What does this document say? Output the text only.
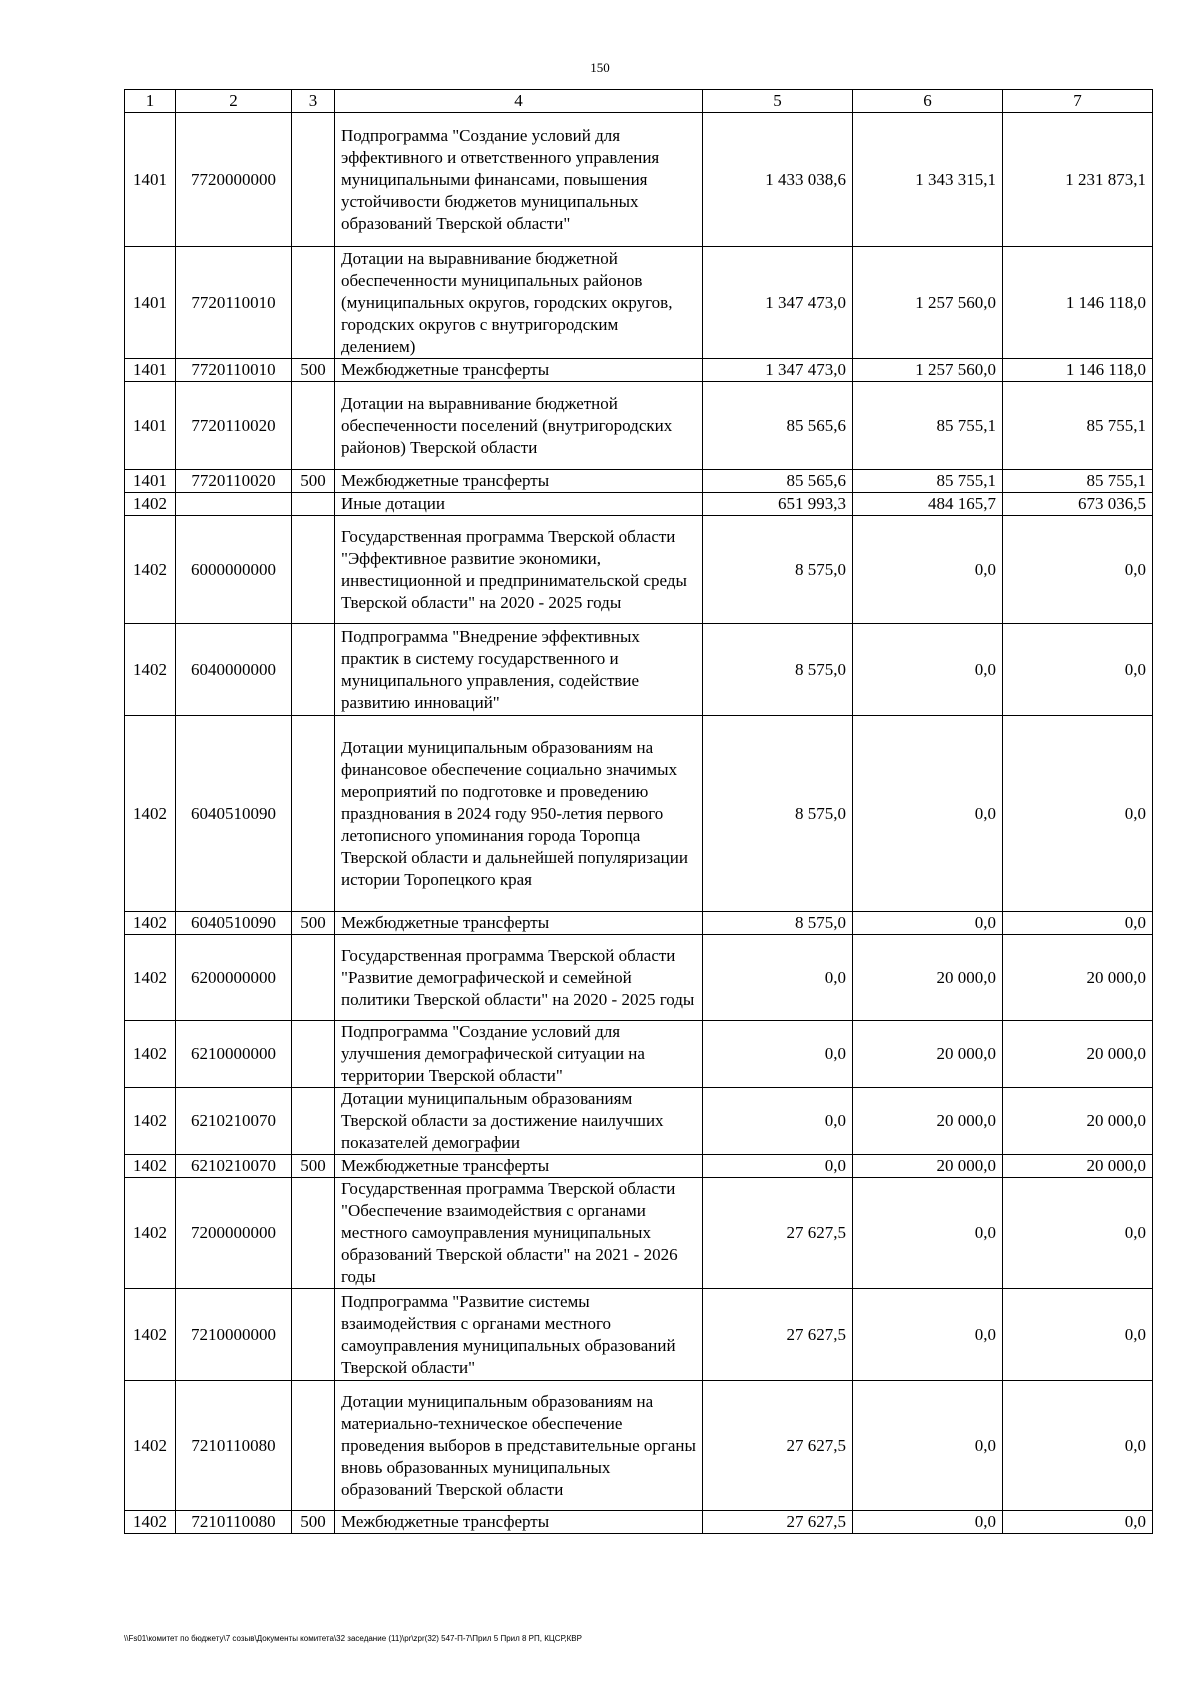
150
1	2	3	4	5	6	7
1401	7720000000		Подпрограмма "Создание условий для эффективного и ответственного управления муниципальными финансами, повышения устойчивости бюджетов муниципальных образований Тверской области"	1 433 038,6	1 343 315,1	1 231 873,1
1401	7720110010		Дотации на выравнивание бюджетной обеспеченности муниципальных районов (муниципальных округов, городских округов, городских округов с внутригородским делением)	1 347 473,0	1 257 560,0	1 146 118,0
1401	7720110010	500	Межбюджетные трансферты	1 347 473,0	1 257 560,0	1 146 118,0
1401	7720110020		Дотации на выравнивание бюджетной обеспеченности поселений (внутригородских районов) Тверской области	85 565,6	85 755,1	85 755,1
1401	7720110020	500	Межбюджетные трансферты	85 565,6	85 755,1	85 755,1
1402			Иные дотации	651 993,3	484 165,7	673 036,5
1402	6000000000		Государственная программа Тверской области "Эффективное развитие экономики, инвестиционной и предпринимательской среды Тверской области" на 2020 - 2025 годы	8 575,0	0,0	0,0
1402	6040000000		Подпрограмма "Внедрение эффективных практик в систему государственного и муниципального управления, содействие развитию инноваций"	8 575,0	0,0	0,0
1402	6040510090		Дотации муниципальным образованиям на финансовое обеспечение социально значимых мероприятий по подготовке и проведению празднования в 2024 году 950-летия первого летописного упоминания города Торопца Тверской области и дальнейшей популяризации истории Торопецкого края	8 575,0	0,0	0,0
1402	6040510090	500	Межбюджетные трансферты	8 575,0	0,0	0,0
1402	6200000000		Государственная программа Тверской области "Развитие демографической и семейной политики Тверской области" на 2020 - 2025 годы	0,0	20 000,0	20 000,0
1402	6210000000		Подпрограмма "Создание условий для улучшения демографической ситуации на территории Тверской области"	0,0	20 000,0	20 000,0
1402	6210210070		Дотации муниципальным образованиям Тверской области за достижение наилучших показателей демографии	0,0	20 000,0	20 000,0
1402	6210210070	500	Межбюджетные трансферты	0,0	20 000,0	20 000,0
1402	7200000000		Государственная программа Тверской области "Обеспечение взаимодействия с органами местного самоуправления муниципальных образований Тверской области" на 2021 - 2026 годы	27 627,5	0,0	0,0
1402	7210000000		Подпрограмма "Развитие системы взаимодействия с органами местного самоуправления муниципальных образований Тверской области"	27 627,5	0,0	0,0
1402	7210110080		Дотации муниципальным образованиям на материально-техническое обеспечение проведения выборов в представительные органы вновь образованных муниципальных образований Тверской области	27 627,5	0,0	0,0
1402	7210110080	500	Межбюджетные трансферты	27 627,5	0,0	0,0
\\Fs01\комитет по бюджету\7 созыв\Документы комитета\32 заседание (11)\pr\zpr(32) 547-П-7\Прил 5 Прил 8 РП, КЦСР,КВР
